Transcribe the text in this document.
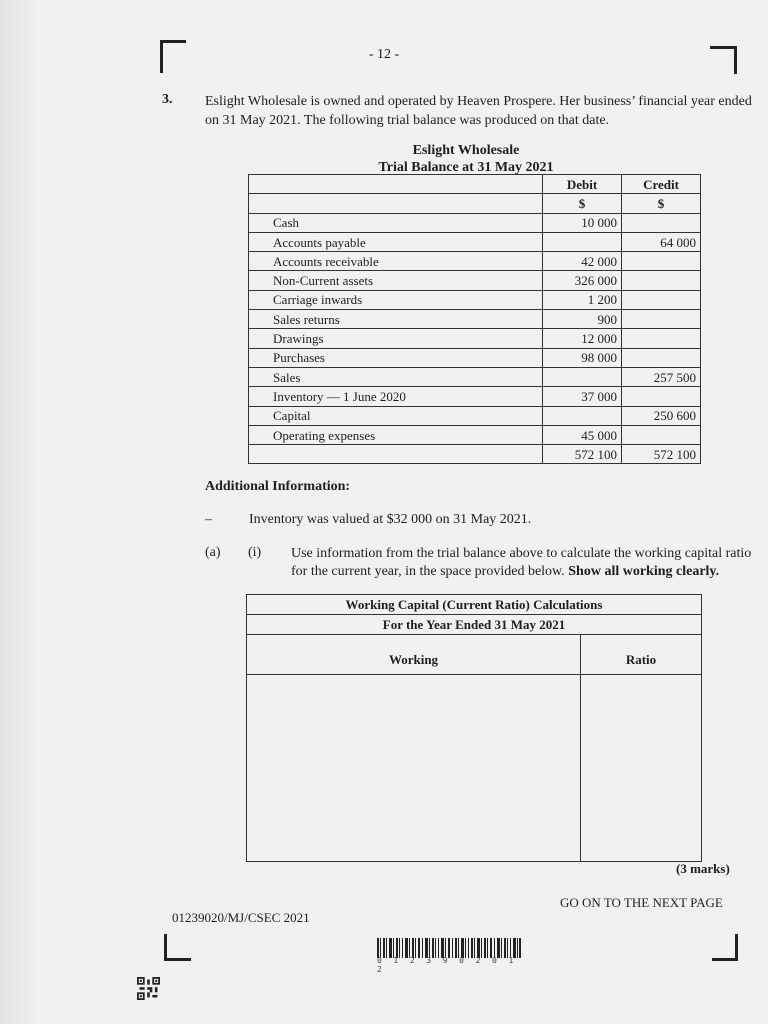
- 12 -
3. Eslight Wholesale is owned and operated by Heaven Prospere. Her business’ financial year ended
on 31 May 2021. The following trial balance was produced on that date.
Eslight Wholesale
Trial Balance at 31 May 2021
	Debit	Credit
	$	$
Cash	10 000	
Accounts payable		64 000
Accounts receivable	42 000	
Non-Current assets	326 000	
Carriage inwards	1 200	
Sales returns	900	
Drawings	12 000	
Purchases	98 000	
Sales		257 500
Inventory — 1 June 2020	37 000	
Capital		250 600
Operating expenses	45 000	
	572 100	572 100
Additional Information:
–	Inventory was valued at $32 000 on 31 May 2021.
(a) (i) Use information from the trial balance above to calculate the working capital ratio
for the current year, in the space provided below. Show all working clearly.
Working Capital (Current Ratio) Calculations
For the Year Ended 31 May 2021
Working	Ratio
(3 marks)
GO ON TO THE NEXT PAGE
01239020/MJ/CSEC 2021
0 1 2 3 9 0 2 0 1 2
